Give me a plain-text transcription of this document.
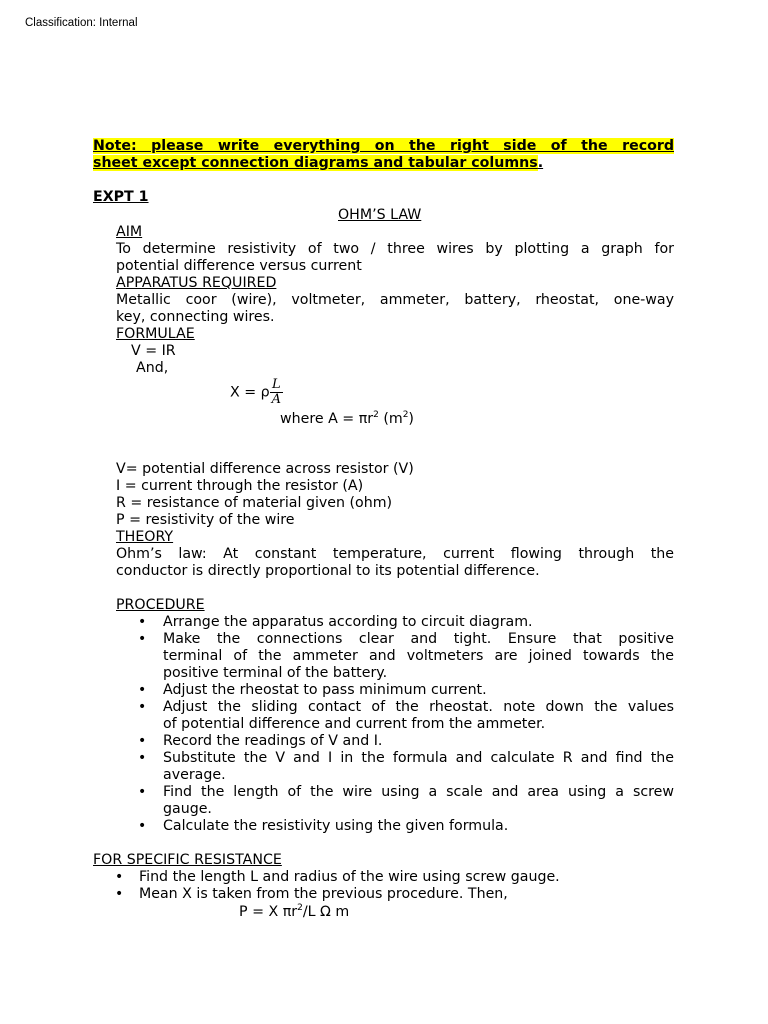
Classification: Internal
Note: please write everything on the right side of the record
sheet except connection diagrams and tabular columns.
EXPT 1
OHM’S LAW
AIM
To determine resistivity of two / three wires by plotting a graph for
potential difference versus current
APPARATUS REQUIRED
Metallic coor (wire), voltmeter, ammeter, battery, rheostat, one-way
key, connecting wires.
FORMULAE
V = IR
And,
X = ρ $\frac{L}{A}$
where $A = \pi r^2$ $(m^2)$
V= potential difference across resistor (V)
I = current through the resistor (A)
R = resistance of material given (ohm)
P = resistivity of the wire
THEORY
Ohm’s law: At constant temperature, current flowing through the
conductor is directly proportional to its potential difference.
PROCEDURE
• Arrange the apparatus according to circuit diagram.
• Make the connections clear and tight. Ensure that positive
terminal of the ammeter and voltmeters are joined towards the
positive terminal of the battery.
• Adjust the rheostat to pass minimum current.
• Adjust the sliding contact of the rheostat. note down the values
of potential difference and current from the ammeter.
• Record the readings of V and I.
• Substitute the V and I in the formula and calculate R and find the
average.
• Find the length of the wire using a scale and area using a screw
gauge.
• Calculate the resistivity using the given formula.
FOR SPECIFIC RESISTANCE
• Find the length L and radius of the wire using screw gauge.
• Mean X is taken from the previous procedure. Then,
P = X $\pi r^2/L$ Ω m
